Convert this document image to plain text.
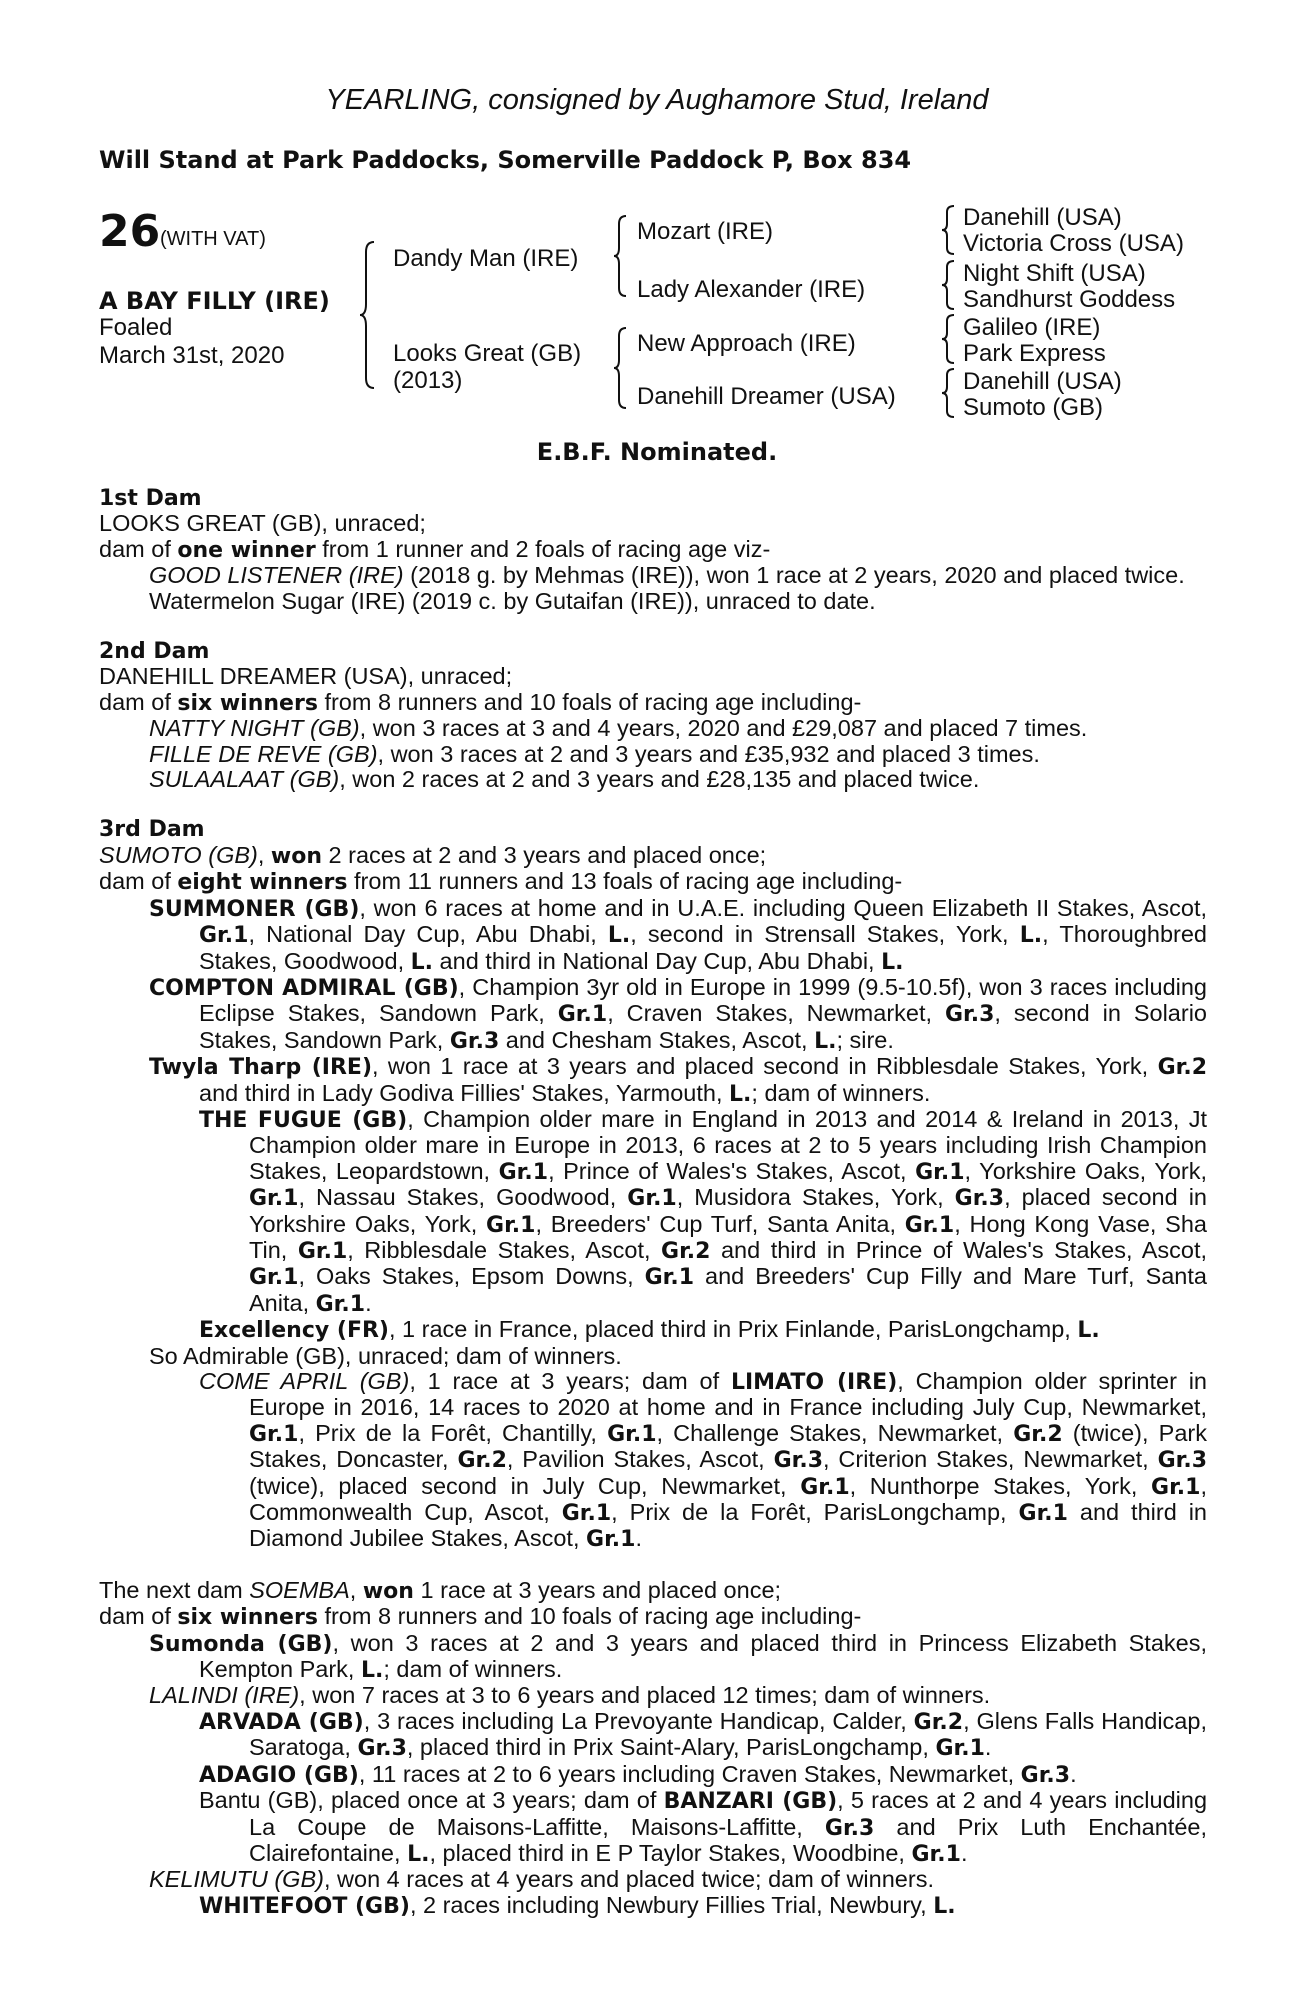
YEARLING, consigned by Aughamore Stud, Ireland
Will Stand at Park Paddocks, Somerville Paddock P, Box 834
26 (WITH VAT)
A BAY FILLY (IRE)
Foaled
March 31st, 2020
Dandy Man (IRE)
Looks Great (GB)
(2013)
Mozart (IRE)
Lady Alexander (IRE)
New Approach (IRE)
Danehill Dreamer (USA)
Danehill (USA)
Victoria Cross (USA)
Night Shift (USA)
Sandhurst Goddess
Galileo (IRE)
Park Express
Danehill (USA)
Sumoto (GB)
E.B.F. Nominated.

1st Dam

LOOKS GREAT (GB), unraced;

dam of one winner from 1 runner and 2 foals of racing age viz-

GOOD LISTENER (IRE) (2018 g. by Mehmas (IRE)), won 1 race at 2 years, 2020 and placed twice.

Watermelon Sugar (IRE) (2019 c. by Gutaifan (IRE)), unraced to date.

2nd Dam

DANEHILL DREAMER (USA), unraced;

dam of six winners from 8 runners and 10 foals of racing age including-

NATTY NIGHT (GB), won 3 races at 3 and 4 years, 2020 and £29,087 and placed 7 times.

FILLE DE REVE (GB), won 3 races at 2 and 3 years and £35,932 and placed 3 times.

SULAALAAT (GB), won 2 races at 2 and 3 years and £28,135 and placed twice.

3rd Dam

SUMOTO (GB), won 2 races at 2 and 3 years and placed once;

dam of eight winners from 11 runners and 13 foals of racing age including-

SUMMONER (GB), won 6 races at home and in U.A.E. including Queen Elizabeth II Stakes, Ascot, Gr.1, National Day Cup, Abu Dhabi, L., second in Strensall Stakes, York, L., Thoroughbred Stakes, Goodwood, L. and third in National Day Cup, Abu Dhabi, L.

COMPTON ADMIRAL (GB), Champion 3yr old in Europe in 1999 (9.5-10.5f), won 3 races including Eclipse Stakes, Sandown Park, Gr.1, Craven Stakes, Newmarket, Gr.3, second in Solario Stakes, Sandown Park, Gr.3 and Chesham Stakes, Ascot, L.; sire.

Twyla Tharp (IRE), won 1 race at 3 years and placed second in Ribblesdale Stakes, York, Gr.2 and third in Lady Godiva Fillies' Stakes, Yarmouth, L.; dam of winners.

THE FUGUE (GB), Champion older mare in England in 2013 and 2014 & Ireland in 2013, Jt Champion older mare in Europe in 2013, 6 races at 2 to 5 years including Irish Champion Stakes, Leopardstown, Gr.1, Prince of Wales's Stakes, Ascot, Gr.1, Yorkshire Oaks, York, Gr.1, Nassau Stakes, Goodwood, Gr.1, Musidora Stakes, York, Gr.3, placed second in Yorkshire Oaks, York, Gr.1, Breeders' Cup Turf, Santa Anita, Gr.1, Hong Kong Vase, Sha Tin, Gr.1, Ribblesdale Stakes, Ascot, Gr.2 and third in Prince of Wales's Stakes, Ascot, Gr.1, Oaks Stakes, Epsom Downs, Gr.1 and Breeders' Cup Filly and Mare Turf, Santa Anita, Gr.1.

Excellency (FR), 1 race in France, placed third in Prix Finlande, ParisLongchamp, L.

So Admirable (GB), unraced; dam of winners.

COME APRIL (GB), 1 race at 3 years; dam of LIMATO (IRE), Champion older sprinter in Europe in 2016, 14 races to 2020 at home and in France including July Cup, Newmarket, Gr.1, Prix de la Forêt, Chantilly, Gr.1, Challenge Stakes, Newmarket, Gr.2 (twice), Park Stakes, Doncaster, Gr.2, Pavilion Stakes, Ascot, Gr.3, Criterion Stakes, Newmarket, Gr.3 (twice), placed second in July Cup, Newmarket, Gr.1, Nunthorpe Stakes, York, Gr.1, Commonwealth Cup, Ascot, Gr.1, Prix de la Forêt, ParisLongchamp, Gr.1 and third in Diamond Jubilee Stakes, Ascot, Gr.1.

The next dam SOEMBA, won 1 race at 3 years and placed once;

dam of six winners from 8 runners and 10 foals of racing age including-

Sumonda (GB), won 3 races at 2 and 3 years and placed third in Princess Elizabeth Stakes, Kempton Park, L.; dam of winners.

LALINDI (IRE), won 7 races at 3 to 6 years and placed 12 times; dam of winners.

ARVADA (GB), 3 races including La Prevoyante Handicap, Calder, Gr.2, Glens Falls Handicap, Saratoga, Gr.3, placed third in Prix Saint-Alary, ParisLongchamp, Gr.1.

ADAGIO (GB), 11 races at 2 to 6 years including Craven Stakes, Newmarket, Gr.3.

Bantu (GB), placed once at 3 years; dam of BANZARI (GB), 5 races at 2 and 4 years including La Coupe de Maisons-Laffitte, Maisons-Laffitte, Gr.3 and Prix Luth Enchantée, Clairefontaine, L., placed third in E P Taylor Stakes, Woodbine, Gr.1.

KELIMUTU (GB), won 4 races at 4 years and placed twice; dam of winners.

WHITEFOOT (GB), 2 races including Newbury Fillies Trial, Newbury, L.
